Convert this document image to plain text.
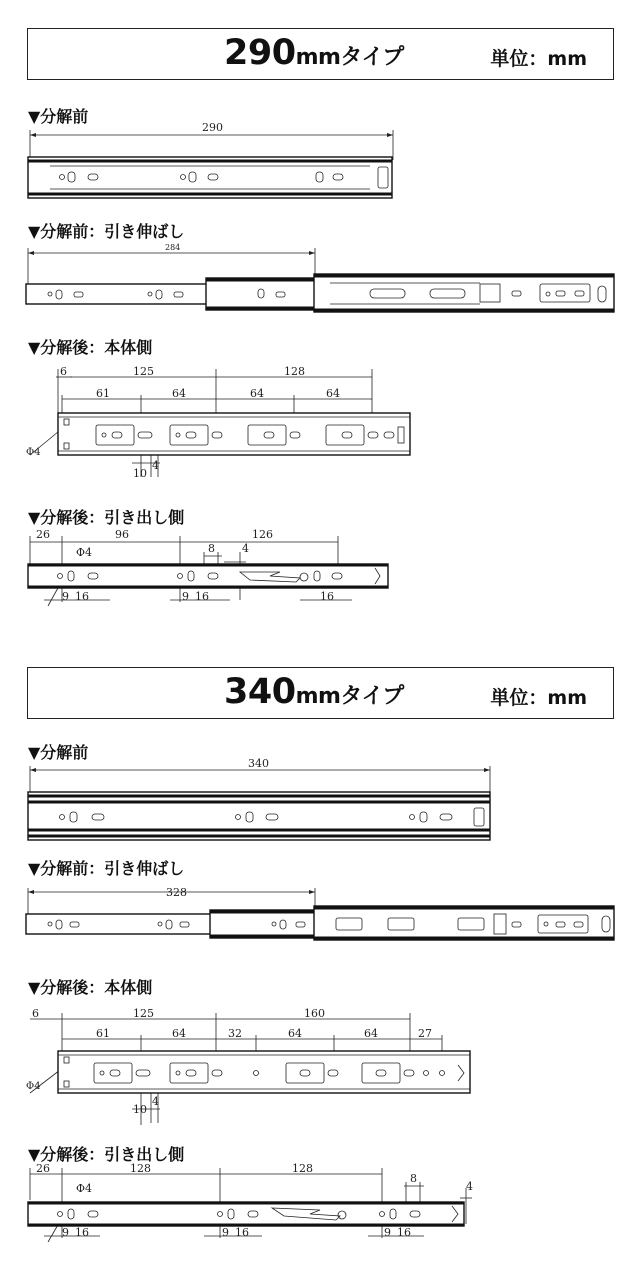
290mmタイプ	単位：mm
▼分解前
290
▼分解前：引き伸ばし
284
▼分解後：本体側
6	125	128
61	64	64	64
Φ4
10
4
▼分解後：引き出し側
26	96	126
Φ4	8 4
9 16	9 16	16
340mmタイプ	単位：mm
▼分解前
340
▼分解前：引き伸ばし
328
▼分解後：本体側
6	125	160
61	64	32	64	64	27
Φ4
10
4
▼分解後：引き出し側
26	128	128
Φ4
8
4
9 16	9 16	9 16
